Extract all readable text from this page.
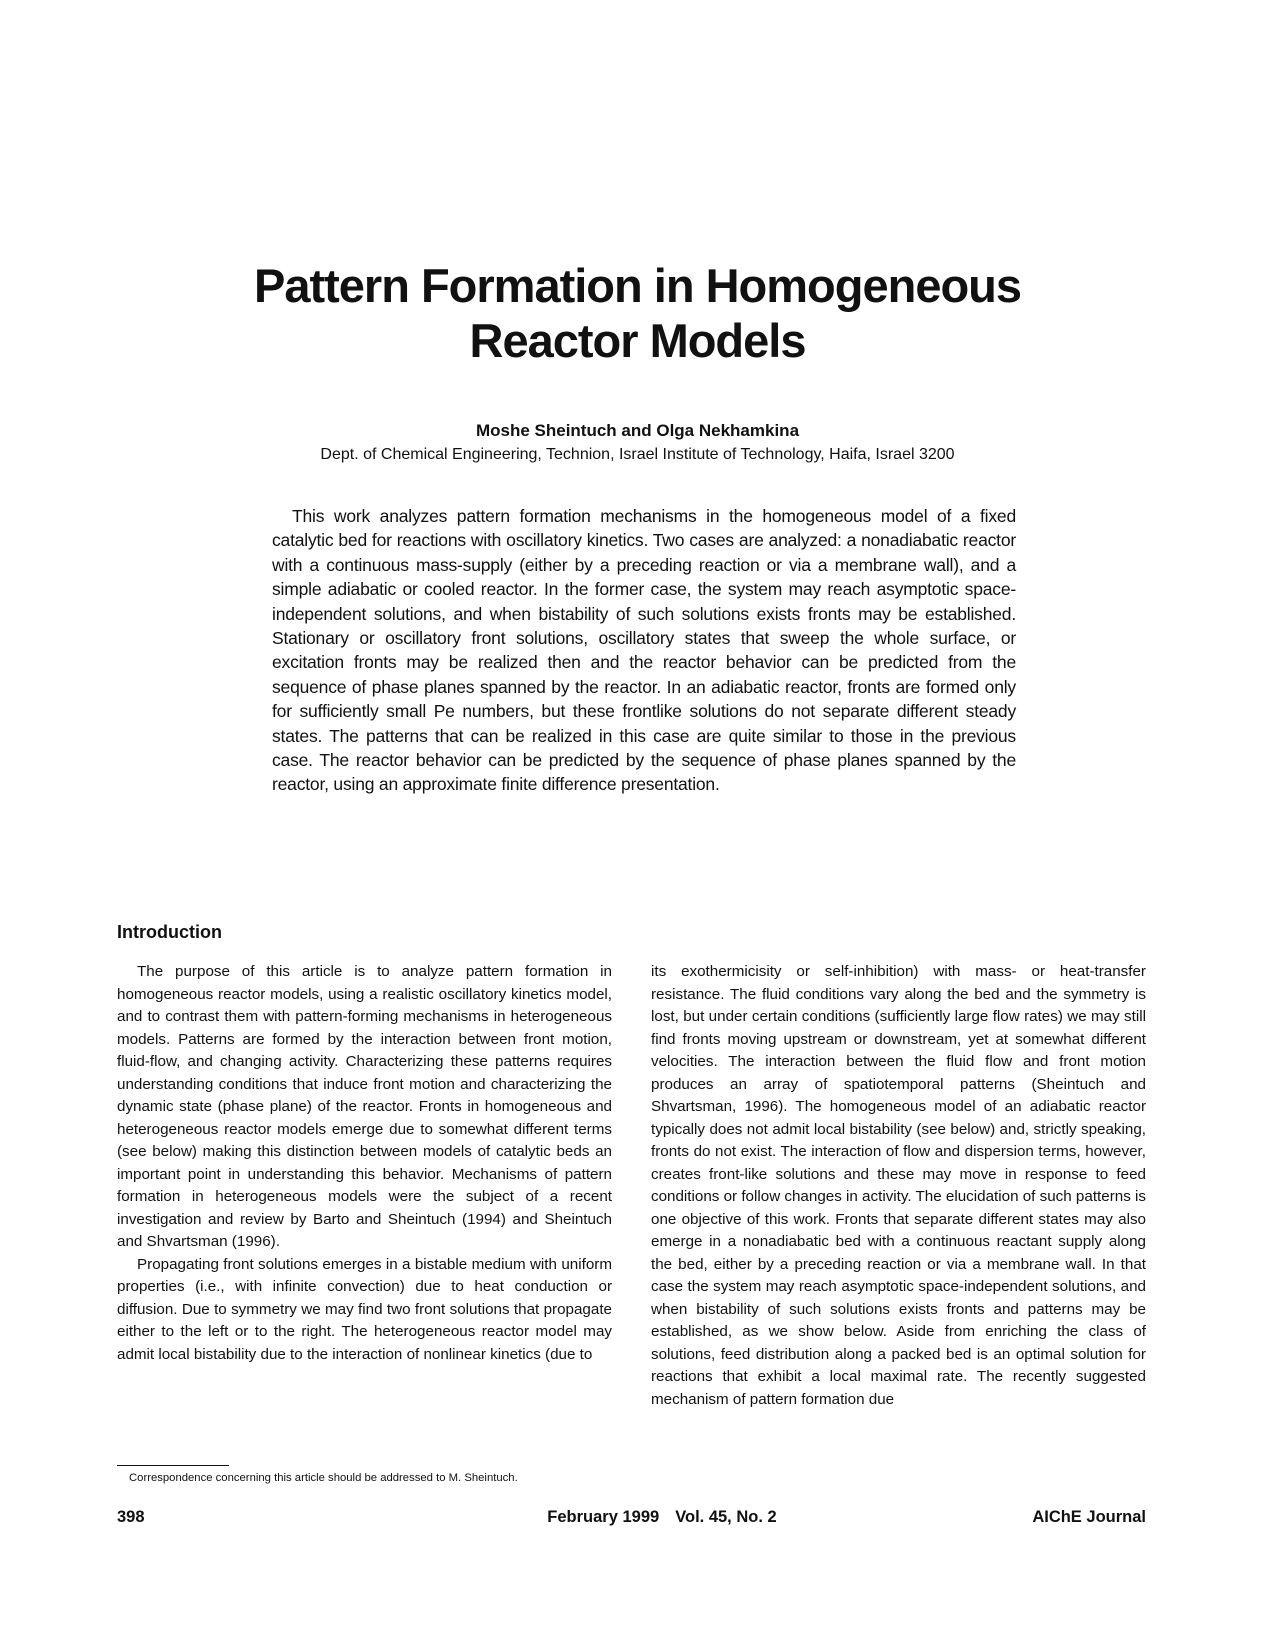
Pattern Formation in Homogeneous
Reactor Models
Moshe Sheintuch and Olga Nekhamkina
Dept. of Chemical Engineering, Technion, Israel Institute of Technology, Haifa, Israel 3200

This work analyzes pattern formation mechanisms in the homogeneous model of a fixed catalytic bed for reactions with oscillatory kinetics. Two cases are analyzed: a nonadiabatic reactor with a continuous mass-supply (either by a preceding reaction or via a membrane wall), and a simple adiabatic or cooled reactor. In the former case, the system may reach asymptotic space-independent solutions, and when bistability of such solutions exists fronts may be established. Stationary or oscillatory front solutions, oscillatory states that sweep the whole surface, or excitation fronts may be realized then and the reactor behavior can be predicted from the sequence of phase planes spanned by the reactor. In an adiabatic reactor, fronts are formed only for sufficiently small Pe numbers, but these frontlike solutions do not separate different steady states. The patterns that can be realized in this case are quite similar to those in the previous case. The reactor behavior can be predicted by the sequence of phase planes spanned by the reactor, using an approximate finite difference presentation.

Introduction

The purpose of this article is to analyze pattern formation in homogeneous reactor models, using a realistic oscillatory kinetics model, and to contrast them with pattern-forming mechanisms in heterogeneous models. Patterns are formed by the interaction between front motion, fluid-flow, and changing activity. Characterizing these patterns requires understanding conditions that induce front motion and characterizing the dynamic state (phase plane) of the reactor. Fronts in homogeneous and heterogeneous reactor models emerge due to somewhat different terms (see below) making this distinction between models of catalytic beds an important point in understanding this behavior. Mechanisms of pattern formation in heterogeneous models were the subject of a recent investigation and review by Barto and Sheintuch (1994) and Sheintuch and Shvartsman (1996).

Propagating front solutions emerges in a bistable medium with uniform properties (i.e., with infinite convection) due to heat conduction or diffusion. Due to symmetry we may find two front solutions that propagate either to the left or to the right. The heterogeneous reactor model may admit local bistability due to the interaction of nonlinear kinetics (due to

its exothermicisity or self-inhibition) with mass- or heat-transfer resistance. The fluid conditions vary along the bed and the symmetry is lost, but under certain conditions (sufficiently large flow rates) we may still find fronts moving upstream or downstream, yet at somewhat different velocities. The interaction between the fluid flow and front motion produces an array of spatiotemporal patterns (Sheintuch and Shvartsman, 1996). The homogeneous model of an adiabatic reactor typically does not admit local bistability (see below) and, strictly speaking, fronts do not exist. The interaction of flow and dispersion terms, however, creates front-like solutions and these may move in response to feed conditions or follow changes in activity. The elucidation of such patterns is one objective of this work. Fronts that separate different states may also emerge in a nonadiabatic bed with a continuous reactant supply along the bed, either by a preceding reaction or via a membrane wall. In that case the system may reach asymptotic space-independent solutions, and when bistability of such solutions exists fronts and patterns may be established, as we show below. Aside from enriching the class of solutions, feed distribution along a packed bed is an optimal solution for reactions that exhibit a local maximal rate. The recently suggested mechanism of pattern formation due

Correspondence concerning this article should be addressed to M. Sheintuch.
398	February 1999 Vol. 45, No. 2	AIChE Journal
